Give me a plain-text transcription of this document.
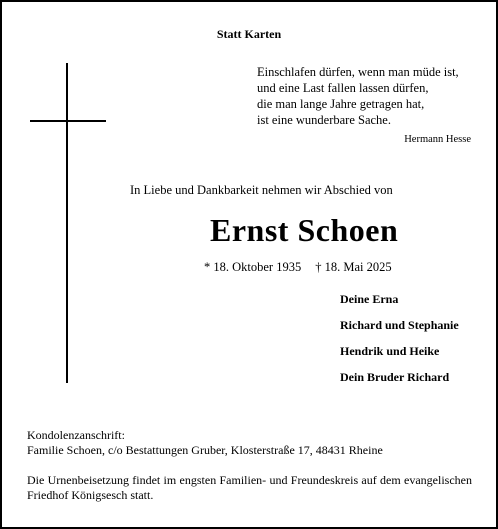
Statt Karten
Einschlafen dürfen, wenn man müde ist,
und eine Last fallen lassen dürfen,
die man lange Jahre getragen hat,
ist eine wunderbare Sache.
Hermann Hesse
In Liebe und Dankbarkeit nehmen wir Abschied von
Ernst Schoen
* 18. Oktober 1935 † 18. Mai 2025
Deine Erna
Richard und Stephanie
Hendrik und Heike
Dein Bruder Richard
Kondolenzanschrift:
Familie Schoen, c/o Bestattungen Gruber, Klosterstraße 17, 48431 Rheine
Die Urnenbeisetzung findet im engsten Familien- und Freundeskreis auf dem evangelischen Friedhof Königsesch statt.
